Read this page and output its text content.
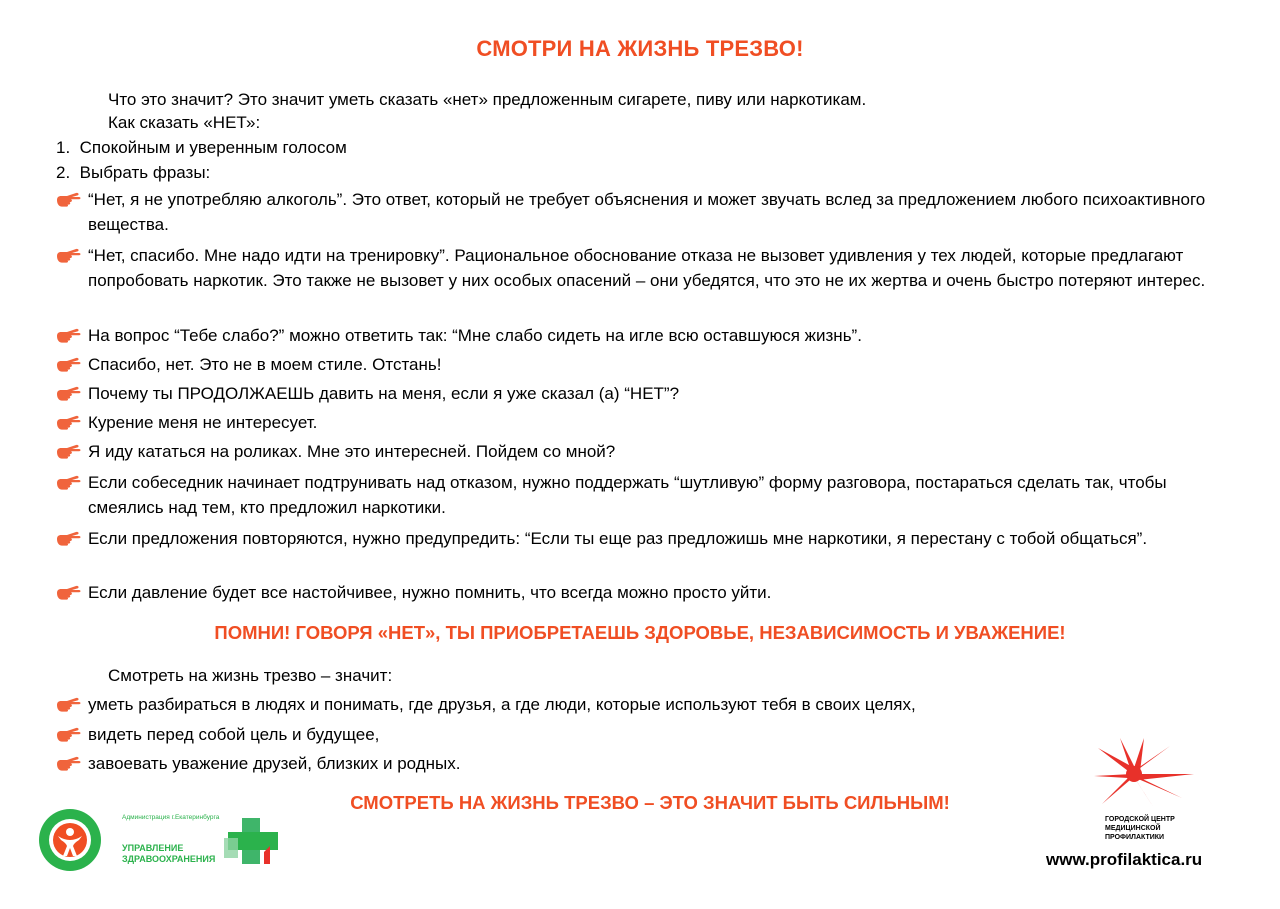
СМОТРИ НА ЖИЗНЬ ТРЕЗВО!
Что это значит? Это значит уметь сказать «нет» предложенным сигарете, пиву или наркотикам.
Как сказать «НЕТ»:
1. Спокойным и уверенным голосом
2. Выбрать фразы:
“Нет, я не употребляю алкоголь”. Это ответ, который не требует объяснения и может звучать вслед за предложением любого психоактивного вещества.
“Нет, спасибо. Мне надо идти на тренировку”. Рациональное обоснование отказа не вызовет удивления у тех людей, которые предлагают попробовать наркотик. Это также не вызовет у них особых опасений – они убедятся, что это не их жертва и очень быстро потеряют интерес.
На вопрос “Тебе слабо?” можно ответить так: “Мне слабо сидеть на игле всю оставшуюся жизнь”.
Спасибо, нет. Это не в моем стиле. Отстань!
Почему ты ПРОДОЛЖАЕШЬ давить на меня, если я уже сказал (а) “НЕТ”?
Курение меня не интересует.
Я иду кататься на роликах. Мне это интересней. Пойдем со мной?
Если собеседник начинает подтрунивать над отказом, нужно поддержать “шутливую” форму разговора, постараться сделать так, чтобы смеялись над тем, кто предложил наркотики.
Если предложения повторяются, нужно предупредить: “Если ты еще раз предложишь мне наркотики, я перестану с тобой общаться”.
Если давление будет все настойчивее, нужно помнить, что всегда можно просто уйти.
ПОМНИ! ГОВОРЯ «НЕТ», ТЫ ПРИОБРЕТАЕШЬ ЗДОРОВЬЕ, НЕЗАВИСИМОСТЬ И УВАЖЕНИЕ!
Смотреть на жизнь трезво – значит:
уметь разбираться в людях и понимать, где друзья, а где люди, которые используют тебя в своих целях,
видеть перед собой цель и будущее,
завоевать уважение друзей, близких и родных.
СМОТРЕТЬ НА ЖИЗНЬ ТРЕЗВО – ЭТО ЗНАЧИТ БЫТЬ СИЛЬНЫМ!
Администрация г.Екатеринбурга
УПРАВЛЕНИЕ
ЗДРАВООХРАНЕНИЯ
ГОРОДСКОЙ ЦЕНТР
МЕДИЦИНСКОЙ
ПРОФИЛАКТИКИ
www.profilaktica.ru
